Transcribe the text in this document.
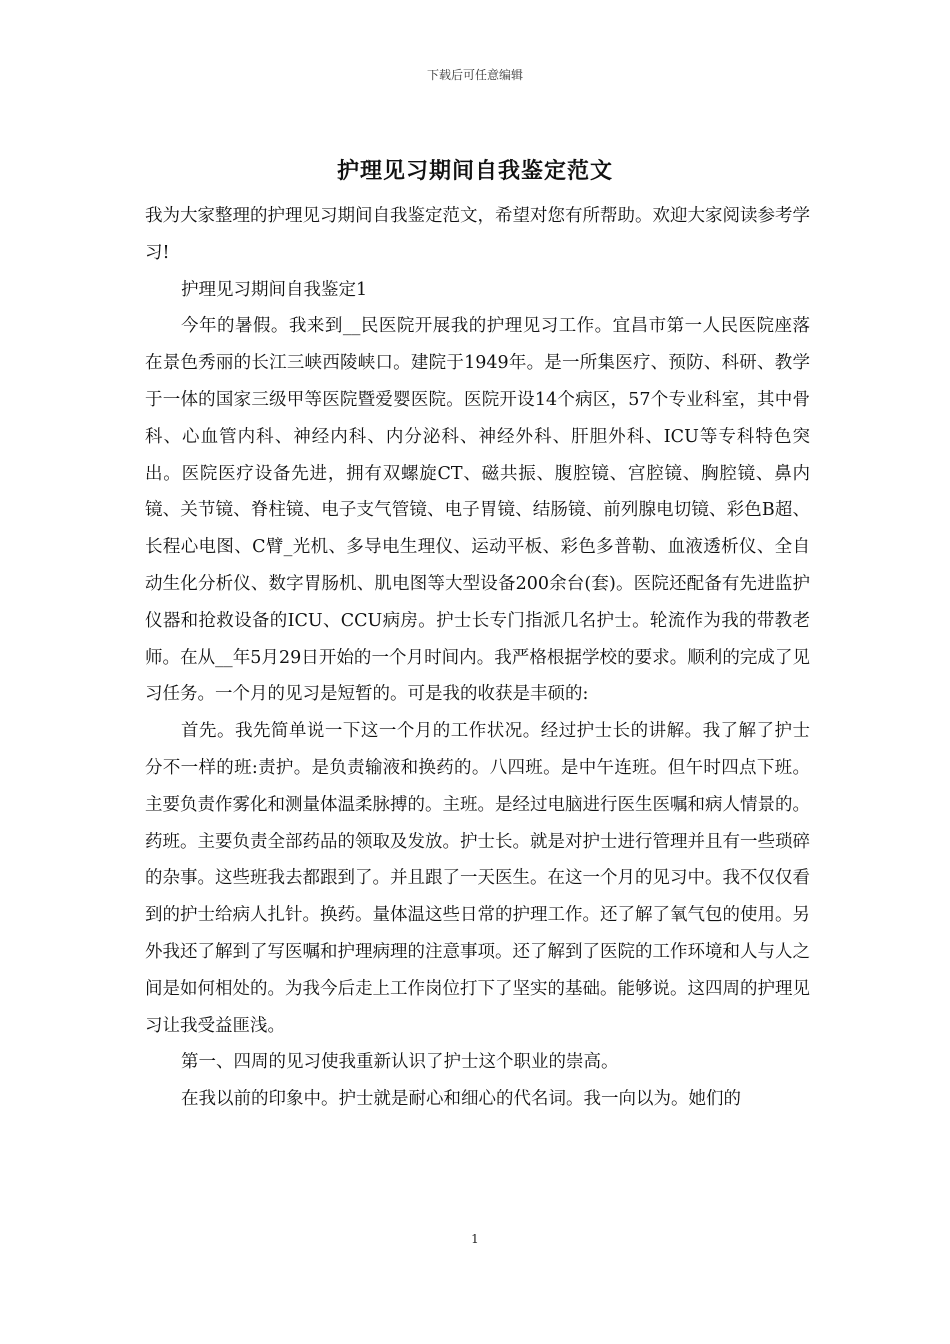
下载后可任意编辑
护理见习期间自我鉴定范文

我为大家整理的护理见习期间自我鉴定范文，希望对您有所帮助。欢迎大家阅读参考学习!

护理见习期间自我鉴定1

今年的暑假。我来到__民医院开展我的护理见习工作。宜昌市第一人民医院座落在景色秀丽的长江三峡西陵峡口。建院于1949年。是一所集医疗、预防、科研、教学于一体的国家三级甲等医院暨爱婴医院。医院开设14个病区，57个专业科室，其中骨科、心血管内科、神经内科、内分泌科、神经外科、肝胆外科、ICU等专科特色突出。医院医疗设备先进，拥有双螺旋CT、磁共振、腹腔镜、宫腔镜、胸腔镜、鼻内镜、关节镜、脊柱镜、电子支气管镜、电子胃镜、结肠镜、前列腺电切镜、彩色B超、长程心电图、C臂_光机、多导电生理仪、运动平板、彩色多普勒、血液透析仪、全自动生化分析仪、数字胃肠机、肌电图等大型设备200余台(套)。医院还配备有先进监护仪器和抢救设备的ICU、CCU病房。护士长专门指派几名护士。轮流作为我的带教老师。在从__年5月29日开始的一个月时间内。我严格根据学校的要求。顺利的完成了见习任务。一个月的见习是短暂的。可是我的收获是丰硕的:

首先。我先简单说一下这一个月的工作状况。经过护士长的讲解。我了解了护士分不一样的班:责护。是负责输液和换药的。八四班。是中午连班。但午时四点下班。主要负责作雾化和测量体温柔脉搏的。主班。是经过电脑进行医生医嘱和病人情景的。药班。主要负责全部药品的领取及发放。护士长。就是对护士进行管理并且有一些琐碎的杂事。这些班我去都跟到了。并且跟了一天医生。在这一个月的见习中。我不仅仅看到的护士给病人扎针。换药。量体温这些日常的护理工作。还了解了氧气包的使用。另外我还了解到了写医嘱和护理病理的注意事项。还了解到了医院的工作环境和人与人之间是如何相处的。为我今后走上工作岗位打下了坚实的基础。能够说。这四周的护理见习让我受益匪浅。

第一、四周的见习使我重新认识了护士这个职业的崇高。

在我以前的印象中。护士就是耐心和细心的代名词。我一向以为。她们的

1
